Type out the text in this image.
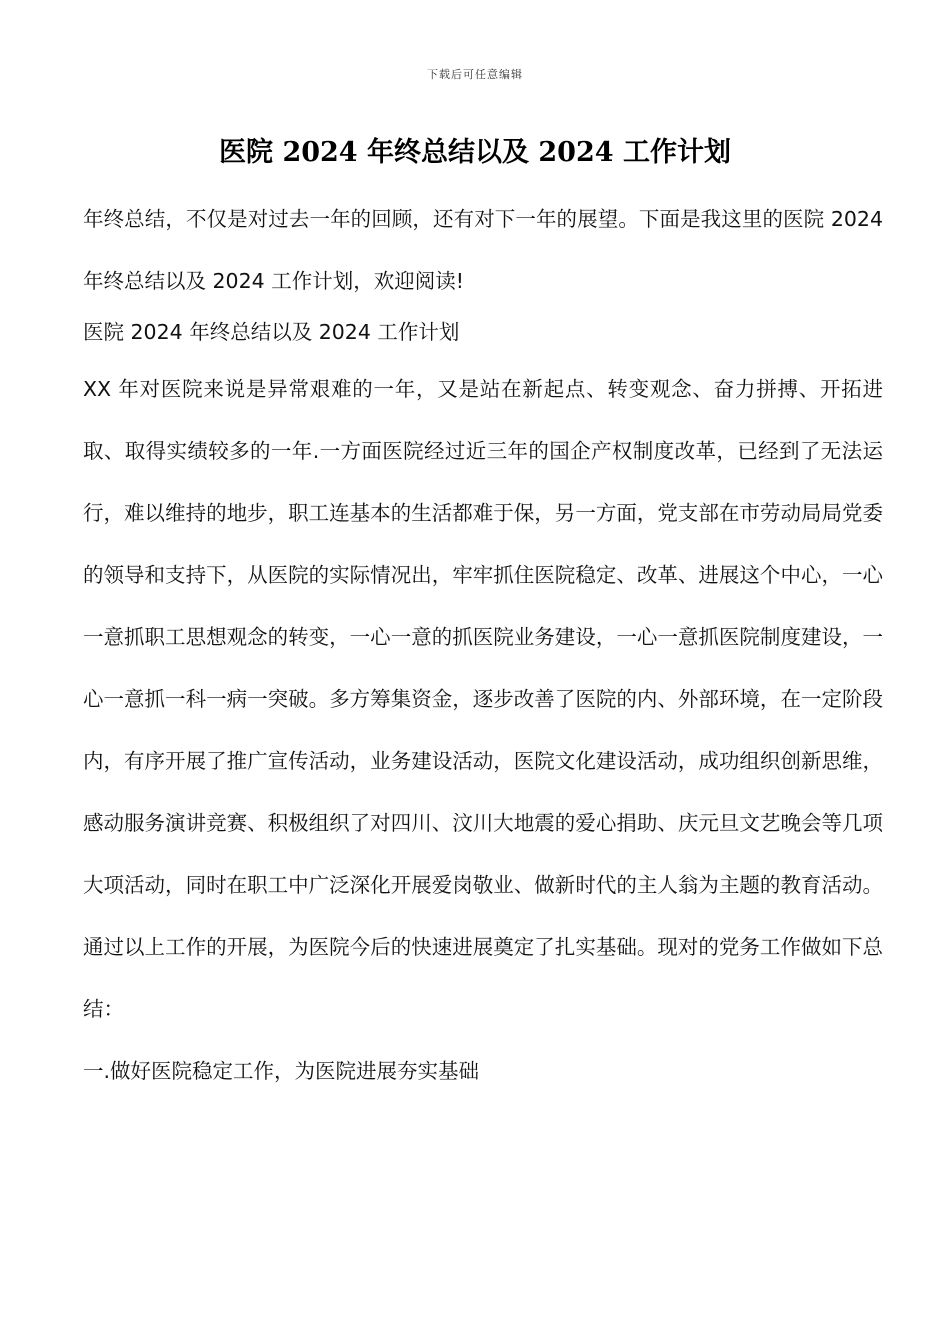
下载后可任意编辑
医院 2024 年终总结以及 2024 工作计划

年终总结，不仅是对过去一年的回顾，还有对下一年的展望。下面是我这里的医院 2024 年终总结以及 2024 工作计划，欢迎阅读!

医院 2024 年终总结以及 2024 工作计划

XX 年对医院来说是异常艰难的一年，又是站在新起点、转变观念、奋力拼搏、开拓进取、取得实绩较多的一年.一方面医院经过近三年的国企产权制度改革，已经到了无法运行，难以维持的地步，职工连基本的生活都难于保，另一方面，党支部在市劳动局局党委的领导和支持下，从医院的实际情况出，牢牢抓住医院稳定、改革、进展这个中心，一心一意抓职工思想观念的转变，一心一意的抓医院业务建设，一心一意抓医院制度建设，一心一意抓一科一病一突破。多方筹集资金，逐步改善了医院的内、外部环境，在一定阶段内，有序开展了推广宣传活动，业务建设活动，医院文化建设活动，成功组织创新思维，感动服务演讲竞赛、积极组织了对四川、汶川大地震的爱心捐助、庆元旦文艺晚会等几项大项活动，同时在职工中广泛深化开展爱岗敬业、做新时代的主人翁为主题的教育活动。通过以上工作的开展，为医院今后的快速进展奠定了扎实基础。现对的党务工作做如下总结：

一.做好医院稳定工作，为医院进展夯实基础
